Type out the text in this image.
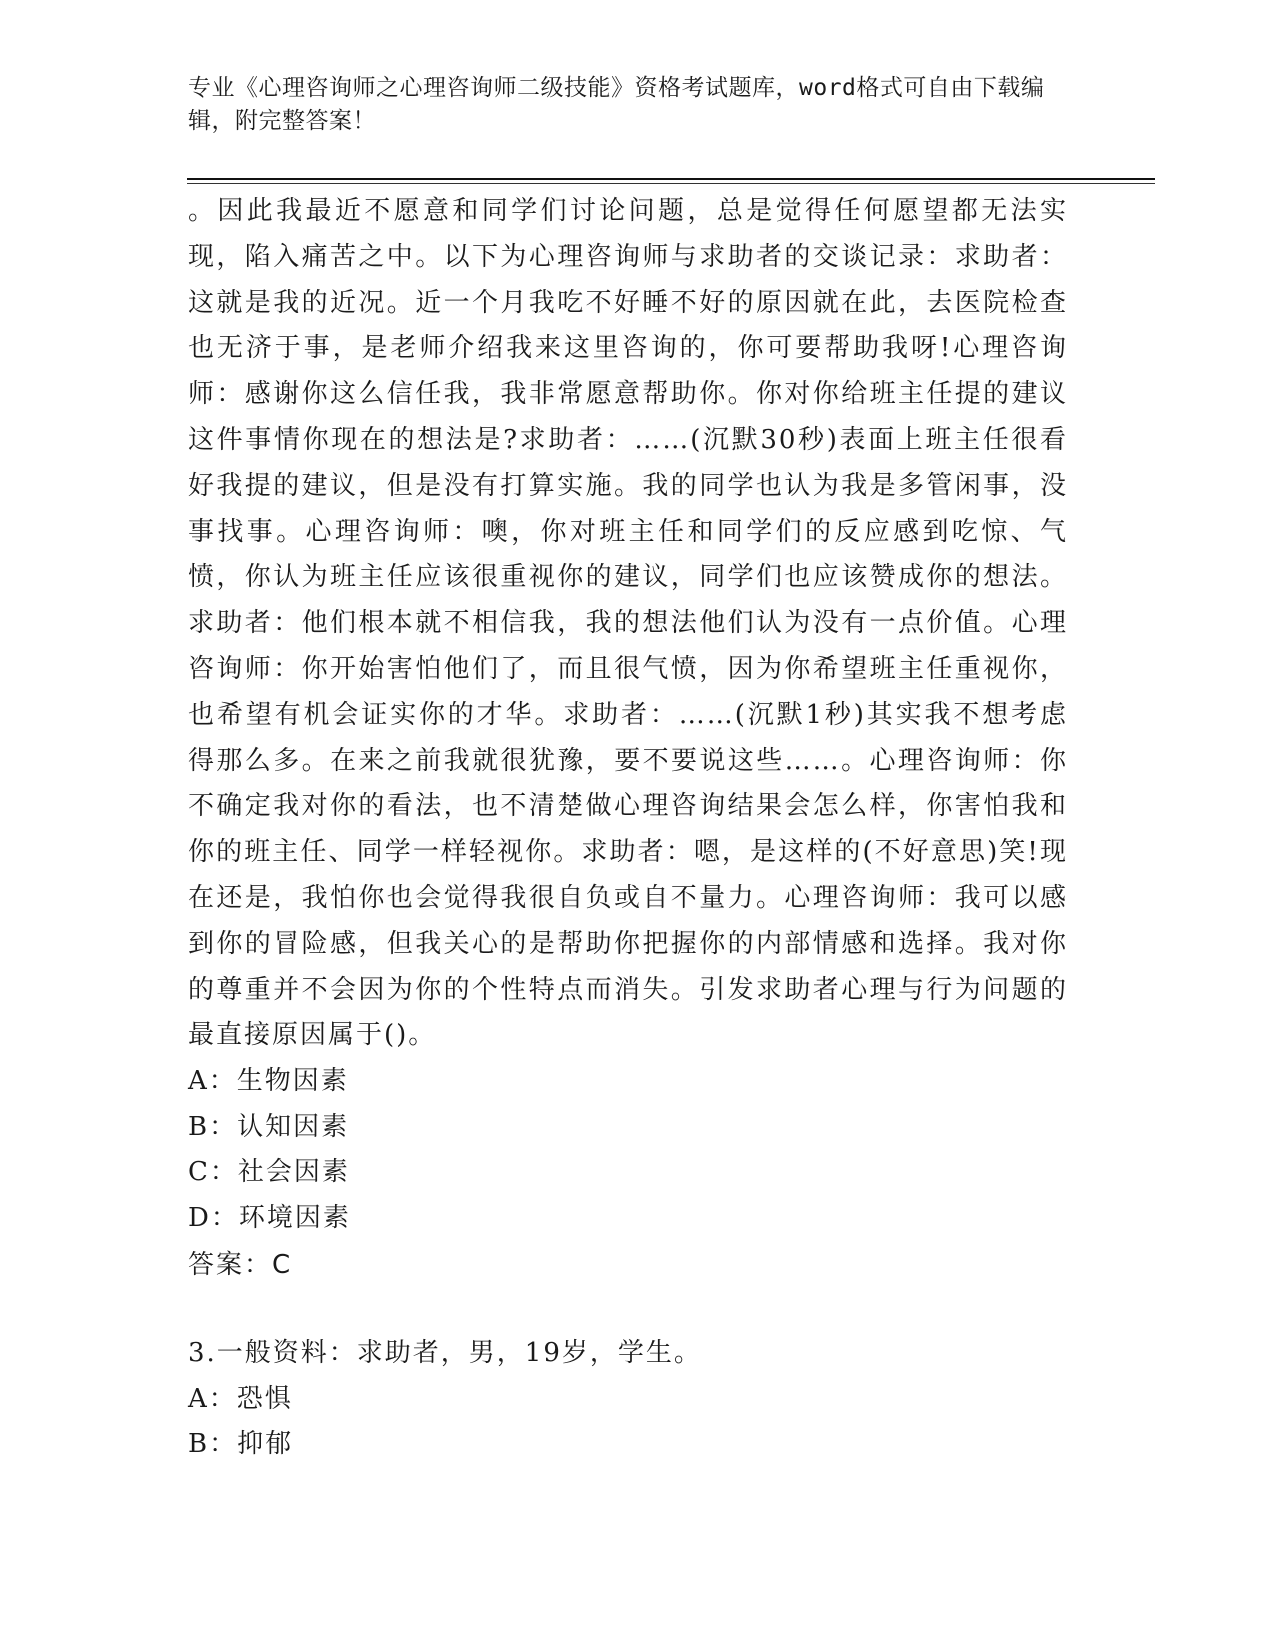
专业《心理咨询师之心理咨询师二级技能》资格考试题库，word格式可自由下载编辑，附完整答案！

。因此我最近不愿意和同学们讨论问题，总是觉得任何愿望都无法实现，陷入痛苦之中。以下为心理咨询师与求助者的交谈记录：求助者：这就是我的近况。近一个月我吃不好睡不好的原因就在此，去医院检查也无济于事，是老师介绍我来这里咨询的，你可要帮助我呀!心理咨询师：感谢你这么信任我，我非常愿意帮助你。你对你给班主任提的建议这件事情你现在的想法是?求助者：……(沉默30秒)表面上班主任很看好我提的建议，但是没有打算实施。我的同学也认为我是多管闲事，没事找事。心理咨询师：噢，你对班主任和同学们的反应感到吃惊、气愤，你认为班主任应该很重视你的建议，同学们也应该赞成你的想法。求助者：他们根本就不相信我，我的想法他们认为没有一点价值。心理咨询师：你开始害怕他们了，而且很气愤，因为你希望班主任重视你，也希望有机会证实你的才华。求助者：……(沉默1秒)其实我不想考虑得那么多。在来之前我就很犹豫，要不要说这些……。心理咨询师：你不确定我对你的看法，也不清楚做心理咨询结果会怎么样，你害怕我和你的班主任、同学一样轻视你。求助者：嗯，是这样的(不好意思)笑!现在还是，我怕你也会觉得我很自负或自不量力。心理咨询师：我可以感到你的冒险感，但我关心的是帮助你把握你的内部情感和选择。我对你的尊重并不会因为你的个性特点而消失。引发求助者心理与行为问题的最直接原因属于()。

A：生物因素

B：认知因素

C：社会因素

D：环境因素

答案：C

3.一般资料：求助者，男，19岁，学生。

A：恐惧

B：抑郁
